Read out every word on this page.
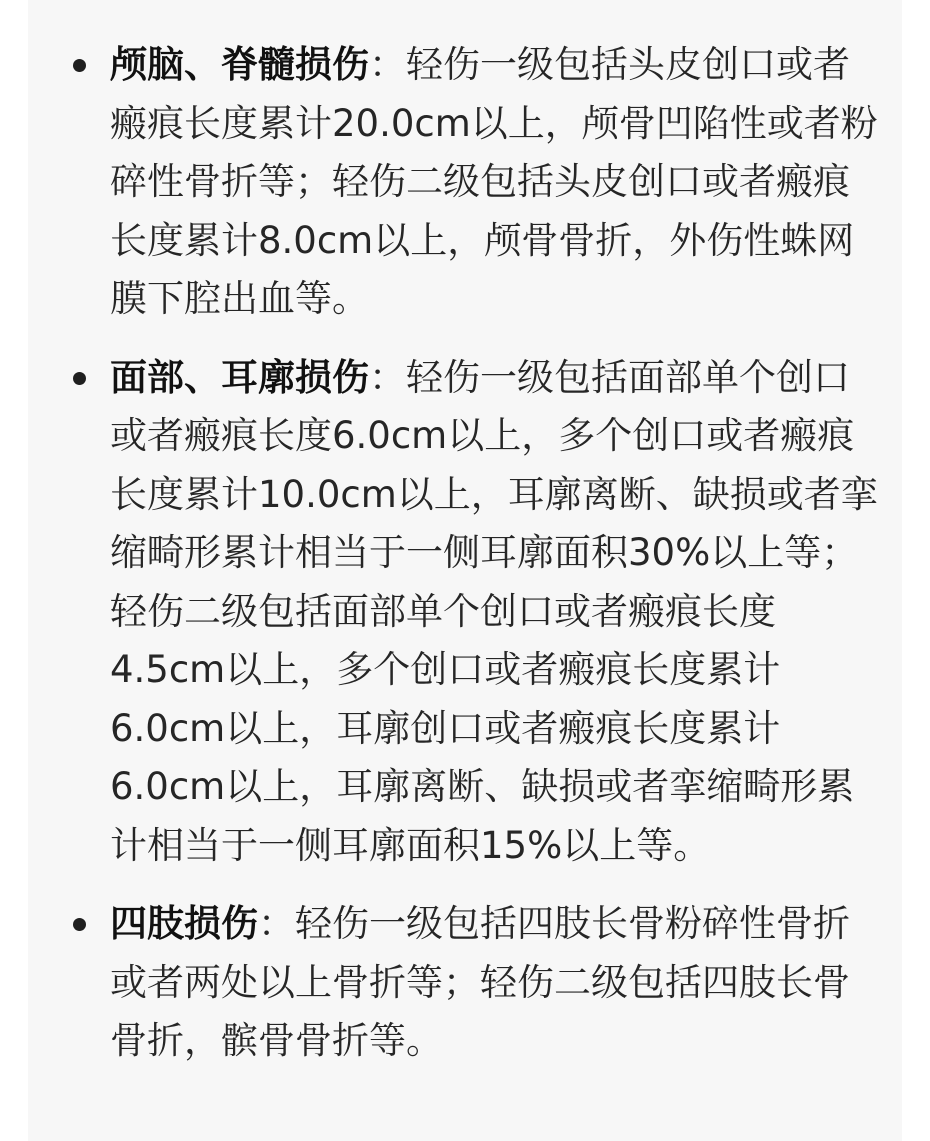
颅脑、脊髓损伤：轻伤一级包括头皮创口或者瘢痕长度累计20.0cm以上，颅骨凹陷性或者粉碎性骨折等；轻伤二级包括头皮创口或者瘢痕长度累计8.0cm以上，颅骨骨折，外伤性蛛网膜下腔出血等。
面部、耳廓损伤：轻伤一级包括面部单个创口或者瘢痕长度6.0cm以上，多个创口或者瘢痕长度累计10.0cm以上，耳廓离断、缺损或者挛缩畸形累计相当于一侧耳廓面积30%以上等；轻伤二级包括面部单个创口或者瘢痕长度4.5cm以上，多个创口或者瘢痕长度累计6.0cm以上，耳廓创口或者瘢痕长度累计6.0cm以上，耳廓离断、缺损或者挛缩畸形累计相当于一侧耳廓面积15%以上等。
四肢损伤：轻伤一级包括四肢长骨粉碎性骨折或者两处以上骨折等；轻伤二级包括四肢长骨骨折，髌骨骨折等。
